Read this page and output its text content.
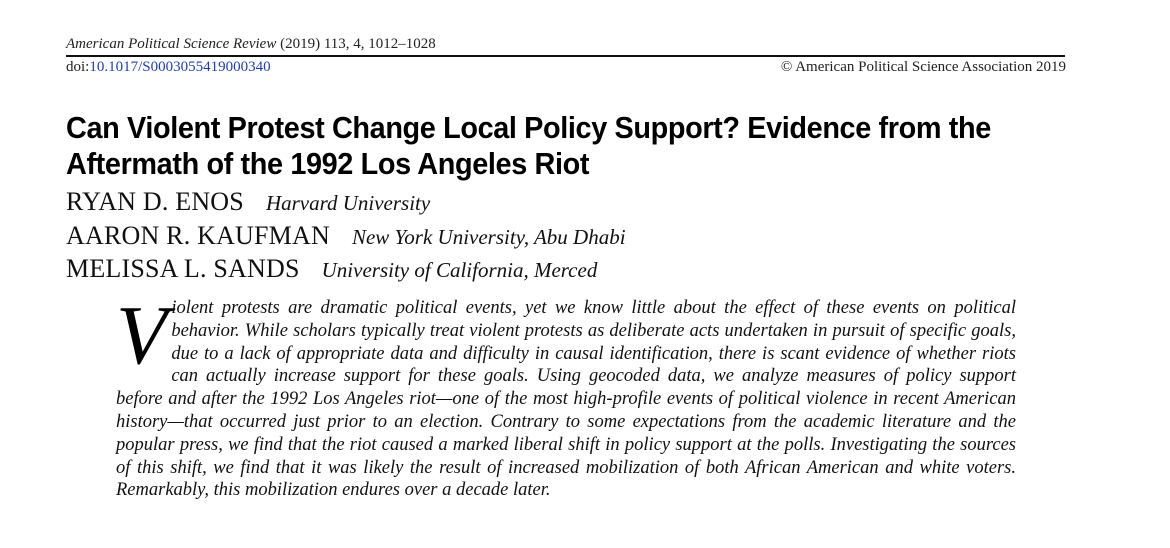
American Political Science Review (2019) 113, 4, 1012–1028
doi:10.1017/S0003055419000340	© American Political Science Association 2019
Can Violent Protest Change Local Policy Support? Evidence from the Aftermath of the 1992 Los Angeles Riot
RYAN D. ENOS Harvard University
AARON R. KAUFMAN New York University, Abu Dhabi
MELISSA L. SANDS University of California, Merced

Violent protests are dramatic political events, yet we know little about the effect of these events on political behavior. While scholars typically treat violent protests as deliberate acts undertaken in pursuit of specific goals, due to a lack of appropriate data and difficulty in causal identification, there is scant evidence of whether riots can actually increase support for these goals. Using geocoded data, we analyze measures of policy support before and after the 1992 Los Angeles riot—one of the most high-profile events of political violence in recent American history—that occurred just prior to an election. Contrary to some expectations from the academic literature and the popular press, we find that the riot caused a marked liberal shift in policy support at the polls. Investigating the sources of this shift, we find that it was likely the result of increased mobilization of both African American and white voters. Remarkably, this mobilization endures over a decade later.
